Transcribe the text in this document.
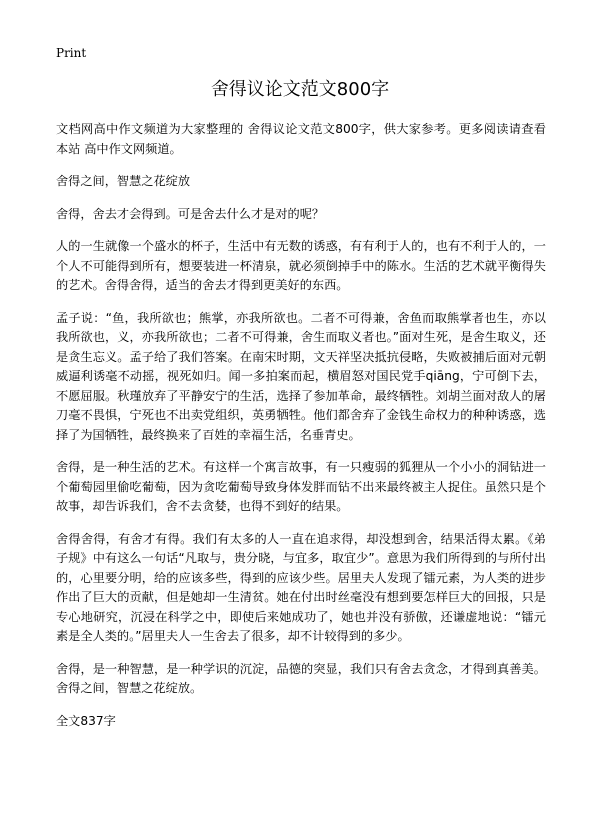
Print
舍得议论文范文800字

文档网高中作文频道为大家整理的 舍得议论文范文800字，供大家参考。更多阅读请查看本站 高中作文网频道。

舍得之间，智慧之花绽放

舍得，舍去才会得到。可是舍去什么才是对的呢？

人的一生就像一个盛水的杯子，生活中有无数的诱惑，有有利于人的，也有不利于人的，一个人不可能得到所有，想要装进一杯清泉，就必须倒掉手中的陈水。生活的艺术就平衡得失的艺术。舍得舍得，适当的舍去才得到更美好的东西。

孟子说：“鱼，我所欲也；熊掌，亦我所欲也。二者不可得兼，舍鱼而取熊掌者也生，亦以我所欲也，义，亦我所欲也；二者不可得兼，舍生而取义者也。”面对生死，是舍生取义，还是贪生忘义。孟子给了我们答案。在南宋时期，文天祥坚决抵抗侵略，失败被捕后面对元朝威逼利诱毫不动摇，视死如归。闻一多拍案而起，横眉怒对国民党手qiāng，宁可倒下去，不愿屈服。秋瑾放弃了平静安宁的生活，选择了参加革命，最终牺牲。刘胡兰面对敌人的屠刀毫不畏惧，宁死也不出卖党组织，英勇牺牲。他们都舍弃了金钱生命权力的种种诱惑，选择了为国牺牲，最终换来了百姓的幸福生活，名垂青史。

舍得，是一种生活的艺术。有这样一个寓言故事，有一只瘦弱的狐狸从一个小小的洞钻进一个葡萄园里偷吃葡萄，因为贪吃葡萄导致身体发胖而钻不出来最终被主人捉住。虽然只是个故事，却告诉我们，舍不去贪婪，也得不到好的结果。

舍得舍得，有舍才有得。我们有太多的人一直在追求得，却没想到舍，结果活得太累。《弟子规》中有这么一句话“凡取与，贵分晓，与宜多，取宜少”。意思为我们所得到的与所付出的，心里要分明，给的应该多些，得到的应该少些。居里夫人发现了镭元素，为人类的进步作出了巨大的贡献，但是她却一生清贫。她在付出时丝毫没有想到要怎样巨大的回报，只是专心地研究，沉浸在科学之中，即使后来她成功了，她也并没有骄傲，还谦虚地说：“镭元素是全人类的。”居里夫人一生舍去了很多，却不计较得到的多少。

舍得，是一种智慧，是一种学识的沉淀，品德的突显，我们只有舍去贪念，才得到真善美。舍得之间，智慧之花绽放。

全文837字
